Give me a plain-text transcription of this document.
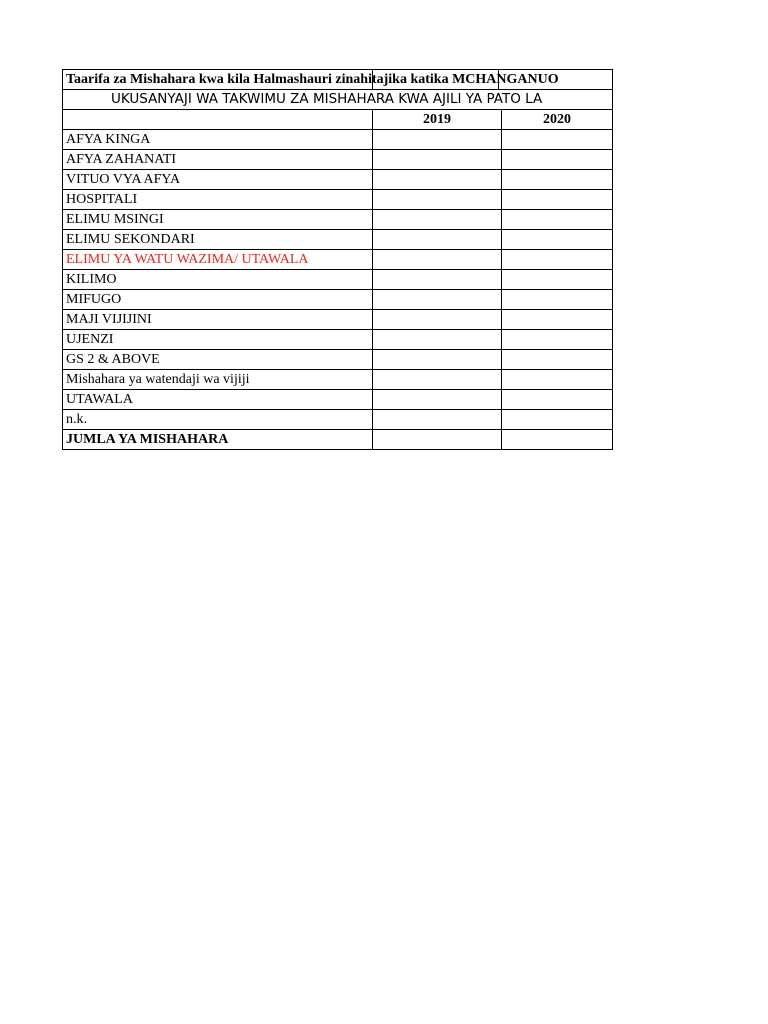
Taarifa za Mishahara kwa kila Halmashauri zinahitajika katika MCHANGANUO		

UKUSANYAJI WA TAKWIMU ZA MISHAHARA KWA AJILI YA PATO LA		
	2019	2020
AFYA KINGA		
AFYA ZAHANATI		
VITUO VYA AFYA		
HOSPITALI		
ELIMU MSINGI		
ELIMU SEKONDARI		
ELIMU YA WATU WAZIMA/ UTAWALA		
KILIMO		
MIFUGO		
MAJI VIJIJINI		
UJENZI		
GS 2 & ABOVE		
Mishahara ya watendaji wa vijiji		
UTAWALA		
n.k.		
JUMLA YA MISHAHARA		
